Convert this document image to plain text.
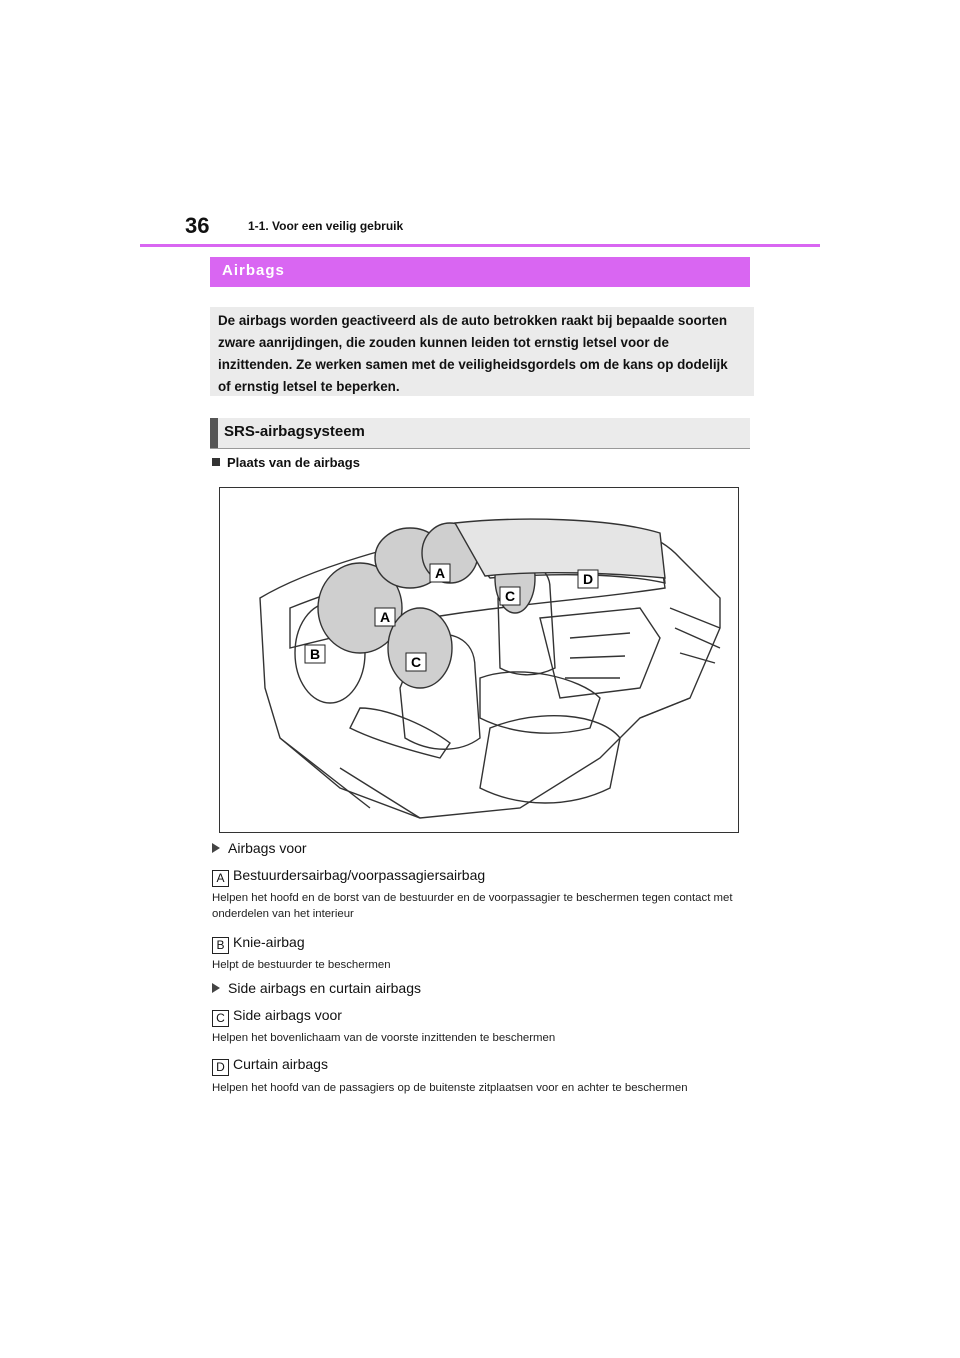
36	1-1. Voor een veilig gebruik
Airbags
De airbags worden geactiveerd als de auto betrokken raakt bij bepaalde soorten zware aanrijdingen, die zouden kunnen leiden tot ernstig letsel voor de inzittenden. Ze werken samen met de veiligheidsgordels om de kans op dodelijk of ernstig letsel te beperken.
SRS-airbagsysteem
Plaats van de airbags
A
A
B
C
C
D
Airbags voor
A Bestuurdersairbag/voorpassagiersairbag
Helpen het hoofd en de borst van de bestuurder en de voorpassagier te beschermen tegen contact met onderdelen van het interieur
B Knie-airbag
Helpt de bestuurder te beschermen
Side airbags en curtain airbags
C Side airbags voor
Helpen het bovenlichaam van de voorste inzittenden te beschermen
D Curtain airbags
Helpen het hoofd van de passagiers op de buitenste zitplaatsen voor en achter te beschermen
